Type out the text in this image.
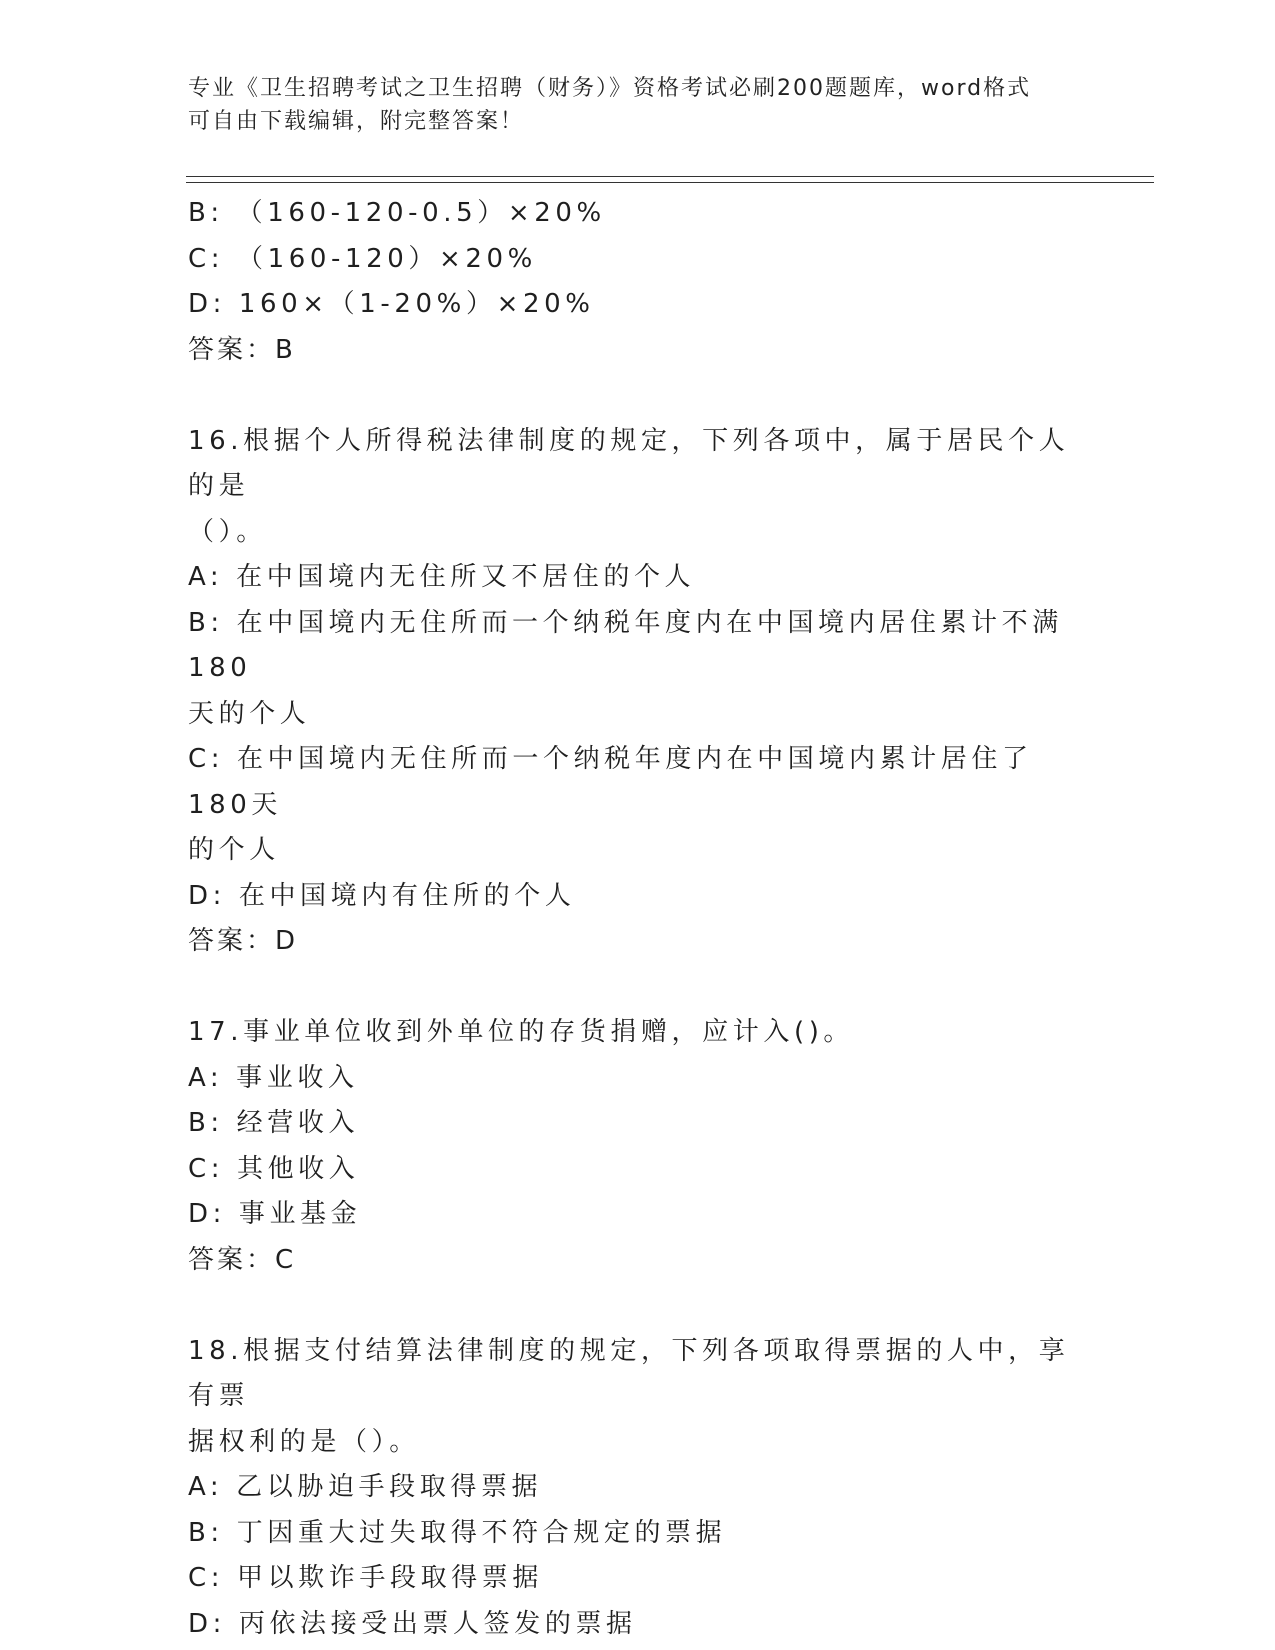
专业《卫生招聘考试之卫生招聘（财务）》资格考试必刷200题题库，word格式
可自由下载编辑，附完整答案！
B: （160-120-0.5）×20%
C: （160-120）×20%
D: 160×（1-20%）×20%
答案：B
16.根据个人所得税法律制度的规定，下列各项中，属于居民个人的是
（）。
A: 在中国境内无住所又不居住的个人
B: 在中国境内无住所而一个纳税年度内在中国境内居住累计不满180
天的个人
C: 在中国境内无住所而一个纳税年度内在中国境内累计居住了180天
的个人
D: 在中国境内有住所的个人
答案：D
17.事业单位收到外单位的存货捐赠，应计入()。
A: 事业收入
B: 经营收入
C: 其他收入
D: 事业基金
答案：C
18.根据支付结算法律制度的规定，下列各项取得票据的人中，享有票
据权利的是（）。
A: 乙以胁迫手段取得票据
B: 丁因重大过失取得不符合规定的票据
C: 甲以欺诈手段取得票据
D: 丙依法接受出票人签发的票据
